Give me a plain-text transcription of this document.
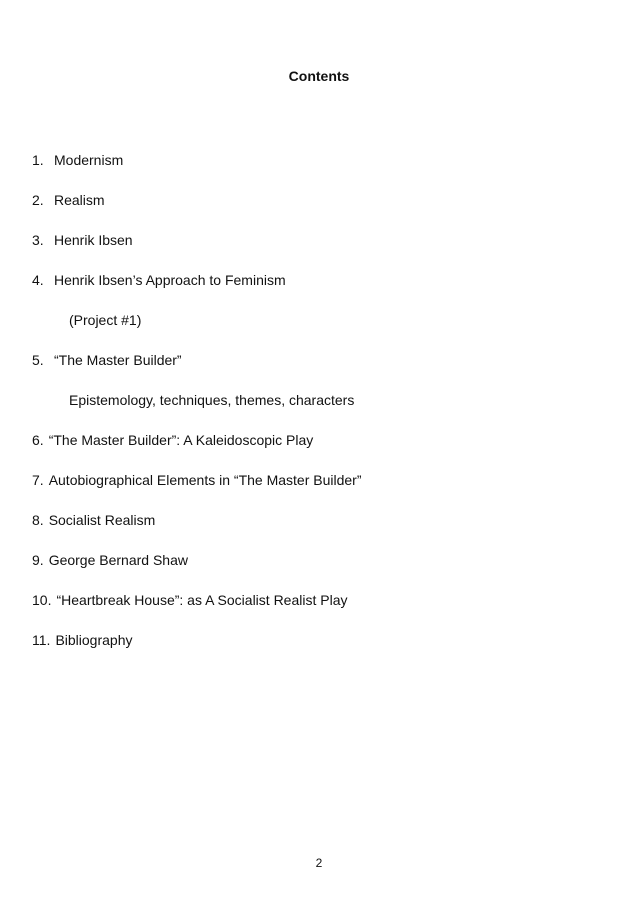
Contents
1. Modernism
2. Realism
3. Henrik Ibsen
4. Henrik Ibsen’s Approach to Feminism
(Project #1)
5. “The Master Builder”
Epistemology, techniques, themes, characters
6. “The Master Builder”: A Kaleidoscopic Play
7. Autobiographical Elements in “The Master Builder”
8. Socialist Realism
9. George Bernard Shaw
10. “Heartbreak House”: as A Socialist Realist Play
11. Bibliography
2
